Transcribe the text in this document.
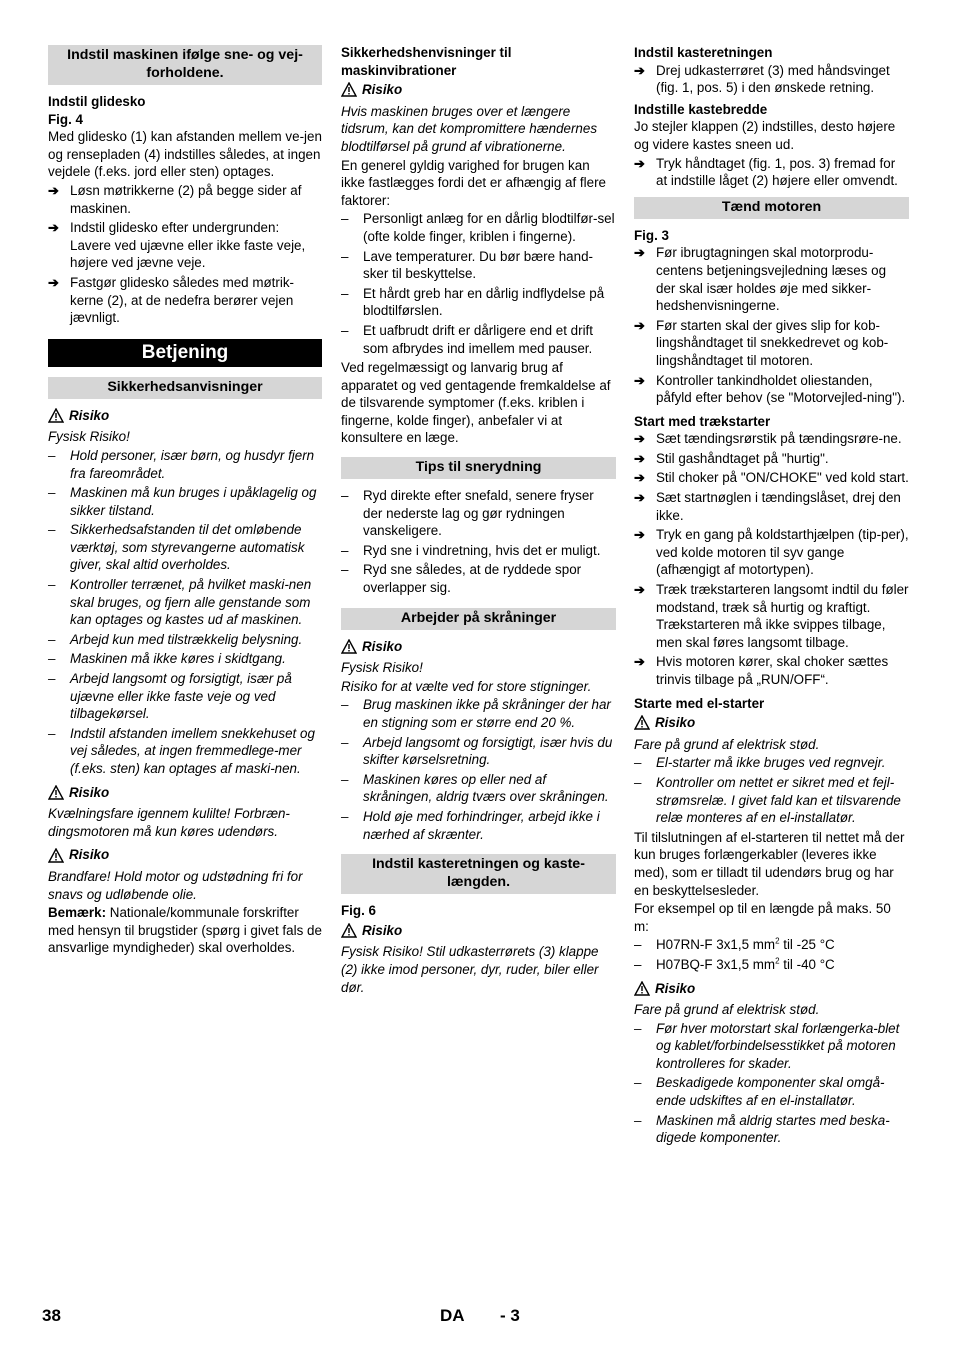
Indstil maskinen ifølge sne- og vej-forholdene.
Indstil glidesko
Fig. 4
Med glidesko (1) kan afstanden mellem ve-jen og rensepladen (4) indstilles således, at ingen vejdele (f.eks. jord eller sten) optages.
➔ Løsn møtrikkerne (2) på begge sider af maskinen.
➔ Indstil glidesko efter undergrunden: Lavere ved ujævne eller ikke faste veje, højere ved jævne veje.
➔ Fastgør glidesko således med møtrik-kerne (2), at de nedefra berører vejen jævnligt.
Betjening
Sikkerhedsanvisninger
Risiko
Fysisk Risiko!
–	Hold personer, især børn, og husdyr fjern fra fareområdet.
–	Maskinen må kun bruges i upåklagelig og sikker tilstand.
–	Sikkerhedsafstanden til det omløbende værktøj, som styrevangerne automatisk giver, skal altid overholdes.
–	Kontroller terrænet, på hvilket maski-nen skal bruges, og fjern alle genstande som kan optages og kastes ud af maskinen.
–	Arbejd kun med tilstrækkelig belysning.
–	Maskinen må ikke køres i skidtgang.
–	Arbejd langsomt og forsigtigt, især på ujævne eller ikke faste veje og ved tilbagekørsel.
–	Indstil afstanden imellem snekkehuset og vej således, at ingen fremmedlege-mer (f.eks. sten) kan optages af maski-nen.
Risiko
Kvælningsfare igennem kulilte! Forbræn-dingsmotoren må kun køres udendørs.
Risiko
Brandfare! Hold motor og udstødning fri for snavs og udløbende olie.
Bemærk: Nationale/kommunale forskrifter med hensyn til brugstider (spørg i givet fals de ansvarlige myndigheder) skal overholdes.
Sikkerhedshenvisninger til maskinvibrationer
Risiko
Hvis maskinen bruges over et længere tidsrum, kan det kompromittere hændernes blodtilførsel på grund af vibrationerne.
En generel gyldig varighed for brugen kan ikke fastlægges fordi det er afhængig af flere faktorer:
–	Personligt anlæg for en dårlig blodtilfør-sel (ofte kolde finger, kriblen i fingerne).
–	Lave temperaturer. Du bør bære hand-sker til beskyttelse.
–	Et hårdt greb har en dårlig indflydelse på blodtilførslen.
–	Et uafbrudt drift er dårligere end et drift som afbrydes ind imellem med pauser.
Ved regelmæssigt og lanvarig brug af apparatet og ved gentagende fremkaldelse af de tilsvarende symptomer (f.eks. kriblen i fingerne, kolde finger), anbefaler vi at konsultere en læge.
Tips til snerydning
–	Ryd direkte efter snefald, senere fryser der nederste lag og gør rydningen vanskeligere.
–	Ryd sne i vindretning, hvis det er muligt.
–	Ryd sne således, at de ryddede spor overlapper sig.
Arbejder på skråninger
Risiko
Fysisk Risiko!
Risiko for at vælte ved for store stigninger.
–	Brug maskinen ikke på skråninger der har en stigning som er større end 20 %.
–	Arbejd langsomt og forsigtigt, især hvis du skifter kørselsretning.
–	Maskinen køres op eller ned af skråningen, aldrig tværs over skråningen.
–	Hold øje med forhindringer, arbejd ikke i nærhed af skrænter.
Indstil kasteretningen og kaste-længden.
Fig. 6
Risiko
Fysisk Risiko! Stil udkasterrørets (3) klappe (2) ikke imod personer, dyr, ruder, biler eller dør.
Indstil kasteretningen
➔ Drej udkasterrøret (3) med håndsvinget (fig. 1, pos. 5) i den ønskede retning.
Indstille kastebredde
Jo stejler klappen (2) indstilles, desto højere og videre kastes sneen ud.
➔ Tryk håndtaget (fig. 1, pos. 3) fremad for at indstille låget (2) højere eller omvendt.
Tænd motoren
Fig. 3
➔ Før ibrugtagningen skal motorprodu-centens betjeningsvejledning læses og der skal især holdes øje med sikker-hedshenvisningerne.
➔ Før starten skal der gives slip for kob-lingshåndtaget til snekkedrevet og kob-lingshåndtaget til motoren.
➔ Kontroller tankindholdet oliestanden, påfyld efter behov (se "Motorvejled-ning").
Start med trækstarter
➔ Sæt tændingsrørstik på tændingsrøre-ne.
➔ Stil gashåndtaget på "hurtig".
➔ Stil choker på "ON/CHOKE" ved kold start.
➔ Sæt startnøglen i tændingslåset, drej den ikke.
➔ Tryk en gang på koldstarthjælpen (tip-per), ved kolde motoren til syv gange (afhængigt af motortypen).
➔ Træk trækstarteren langsomt indtil du føler modstand, træk så hurtig og kraftigt. Trækstarteren må ikke svippes tilbage, men skal føres langsomt tilbage.
➔ Hvis motoren kører, skal choker sættes trinvis tilbage på „RUN/OFF“.
Starte med el-starter
Risiko
Fare på grund af elektrisk stød.
–	El-starter må ikke bruges ved regnvejr.
–	Kontroller om nettet er sikret med et fejl-strømsrelæ. I givet fald kan et tilsvarende relæ monteres af en el-installatør.
Til tilslutningen af el-starteren til nettet må der kun bruges forlængerkabler (leveres ikke med), som er tilladt til udendørs brug og har en beskyttelsesleder.
For eksempel op til en længde på maks. 50 m:
–	H07RN-F 3x1,5 $mm^2$ til -25 °C
–	H07BQ-F 3x1,5 $mm^2$ til -40 °C
Risiko
Fare på grund af elektrisk stød.
–	Før hver motorstart skal forlængerka-blet og kablet/forbindelsesstikket på motoren kontrolleres for skader.
–	Beskadigede komponenter skal omgå-ende udskiftes af en el-installatør.
–	Maskinen må aldrig startes med beska-digede komponenter.
38	DA - 3
